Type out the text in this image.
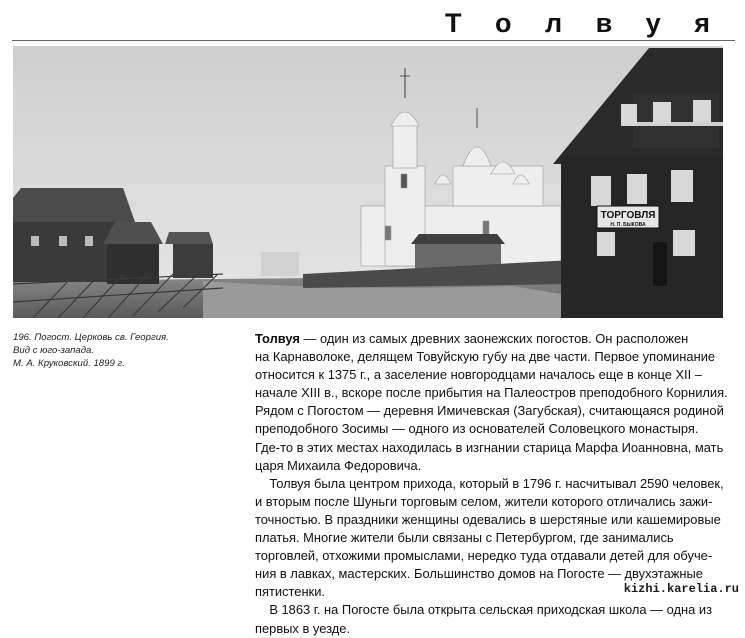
Т о л в у я
ТОРГОВЛЯ
Н. П. БЫКОВА
196. Погост. Церковь св. Георгия.
Вид с юго-запада.
М. А. Круковский. 1899 г.
Толвуя — один из самых древних заонежских погостов. Он расположен
на Карнаволоке, делящем Товуйскую губу на две части. Первое упоминание
относится к 1375 г., а заселение новгородцами началось еще в конце XII –
начале XIII в., вскоре после прибытия на Палеостров преподобного Корнилия.
Рядом с Погостом — деревня Имичевская (Загубская), считающаяся родиной
преподобного Зосимы — одного из основателей Соловецкого монастыря.
Где-то в этих местах находилась в изгнании старица Марфа Иоанновна, мать
царя Михаила Федоровича.
Толвуя была центром прихода, который в 1796 г. насчитывал 2590 человек,
и вторым после Шуньги торговым селом, жители которого отличались зажи-
точностью. В праздники женщины одевались в шерстяные или кашемировые
платья. Многие жители были связаны с Петербургом, где занимались
торговлей, отхожими промыслами, нередко туда отдавали детей для обуче-
ния в лавках, мастерских. Большинство домов на Погосте — двухэтажные
пятистенки.
В 1863 г. на Погосте была открыта сельская приходская школа — одна из
первых в уезде.
kizhi.karelia.ru
